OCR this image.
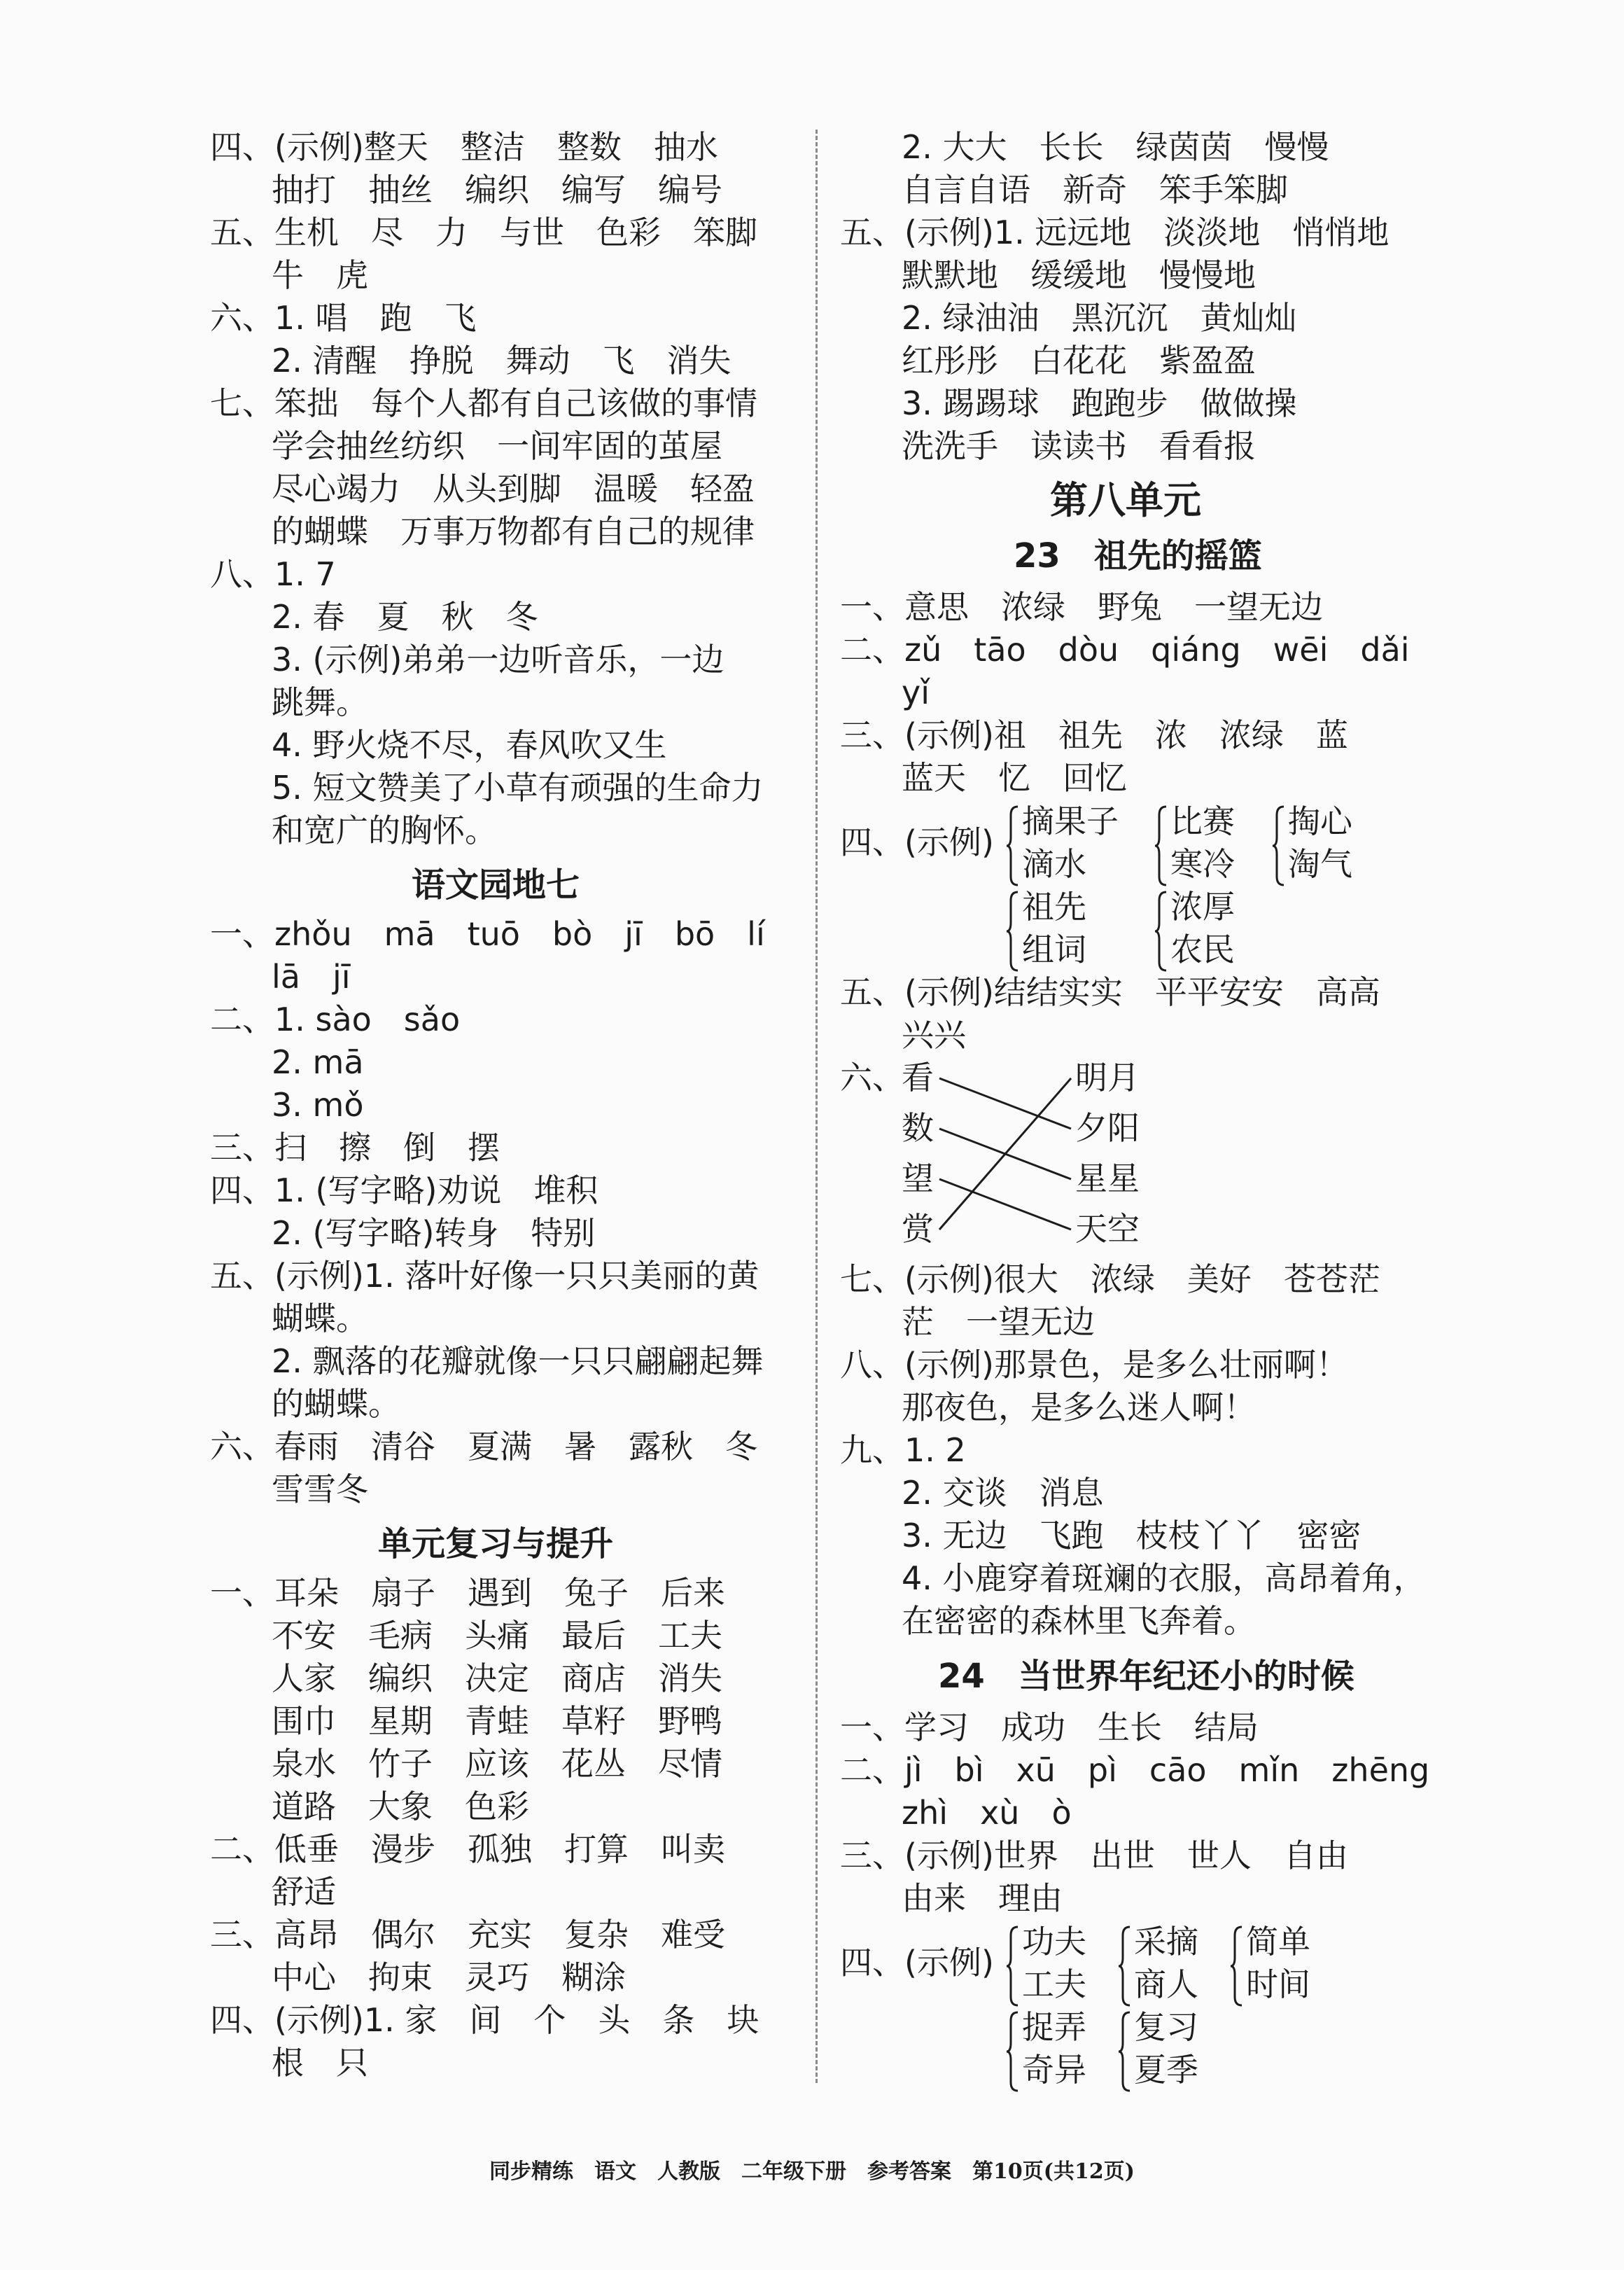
四、(示例)整天　整洁　整数　抽水
抽打　抽丝　编织　编写　编号
五、生机　尽　力　与世　色彩　笨脚
牛　虎
六、1. 唱　跑　飞
2. 清醒　挣脱　舞动　飞　消失
七、笨拙　每个人都有自己该做的事情
学会抽丝纺织　一间牢固的茧屋
尽心竭力　从头到脚　温暖　轻盈
的蝴蝶　万事万物都有自己的规律
八、1. 7
2. 春　夏　秋　冬
3. (示例)弟弟一边听音乐，一边
跳舞。
4. 野火烧不尽，春风吹又生
5. 短文赞美了小草有顽强的生命力
和宽广的胸怀。
语文园地七
一、zhǒu　mā　tuō　bò　jī　bō　lí
lā　jī
二、1. sào　sǎo
2. mā
3. mǒ
三、扫　擦　倒　摆
四、1. (写字略)劝说　堆积
2. (写字略)转身　特别
五、(示例)1. 落叶好像一只只美丽的黄
蝴蝶。
2. 飘落的花瓣就像一只只翩翩起舞
的蝴蝶。
六、春雨　清谷　夏满　暑　露秋　冬
雪雪冬
单元复习与提升
一、耳朵　扇子　遇到　兔子　后来
不安　毛病　头痛　最后　工夫
人家　编织　决定　商店　消失
围巾　星期　青蛙　草籽　野鸭
泉水　竹子　应该　花丛　尽情
道路　大象　色彩
二、低垂　漫步　孤独　打算　叫卖
舒适
三、高昂　偶尔　充实　复杂　难受
中心　拘束　灵巧　糊涂
四、(示例)1. 家　间　个　头　条　块
根　只
2. 大大　长长　绿茵茵　慢慢
自言自语　新奇　笨手笨脚
五、(示例)1. 远远地　淡淡地　悄悄地
默默地　缓缓地　慢慢地
2. 绿油油　黑沉沉　黄灿灿
红彤彤　白花花　紫盈盈
3. 踢踢球　跑跑步　做做操
洗洗手　读读书　看看报
第八单元
23　祖先的摇篮
一、意思　浓绿　野兔　一望无边
二、zǔ　tāo　dòu　qiáng　wēi　dǎi
yǐ
三、(示例)祖　祖先　浓　浓绿　蓝
蓝天　忆　回忆
四、(示例)
摘果子
滴水
比赛
寒冷
掏心
淘气
祖先
组词
浓厚
农民
五、(示例)结结实实　平平安安　高高
兴兴
六、
看
数
望
赏
明月
夕阳
星星
天空
七、(示例)很大　浓绿　美好　苍苍茫
茫　一望无边
八、(示例)那景色，是多么壮丽啊！
那夜色，是多么迷人啊！
九、1. 2
2. 交谈　消息
3. 无边　飞跑　枝枝丫丫　密密
4. 小鹿穿着斑斓的衣服，高昂着角，
在密密的森林里飞奔着。
24　当世界年纪还小的时候
一、学习　成功　生长　结局
二、jì　bì　xū　pì　cāo　mǐn　zhēng
zhì　xù　ò
三、(示例)世界　出世　世人　自由
由来　理由
四、(示例)
功夫
工夫
采摘
商人
简单
时间
捉弄
奇异
复习
夏季
同步精练　语文　人教版　二年级下册　参考答案　第10页(共12页)
